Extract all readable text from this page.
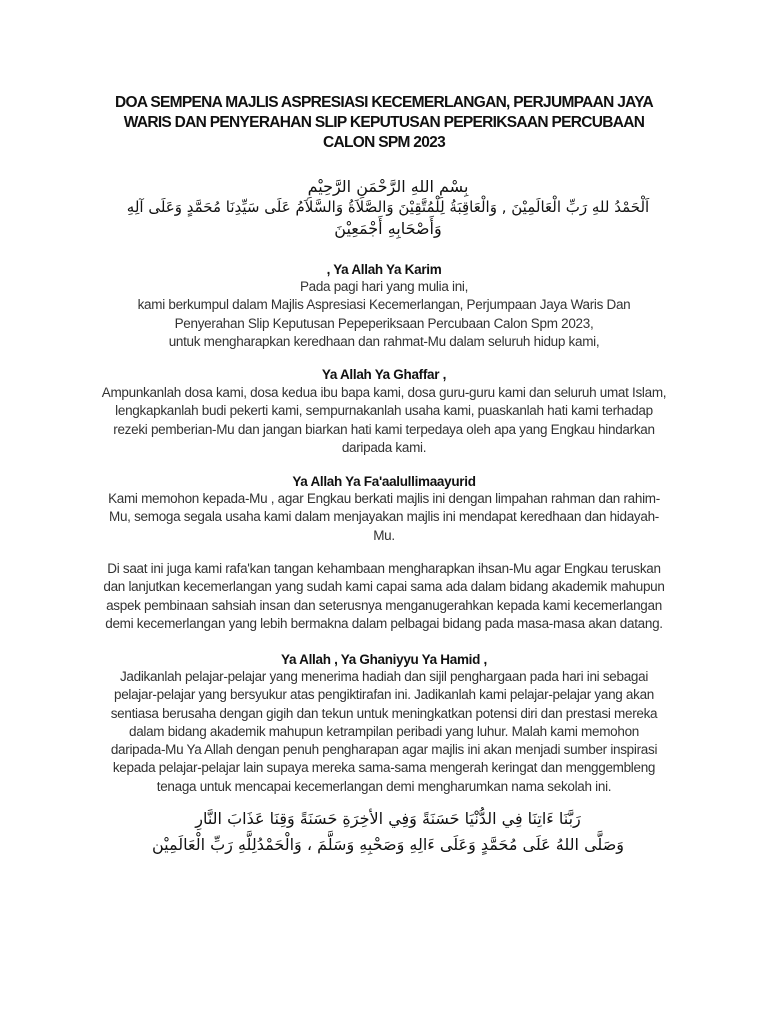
DOA SEMPENA MAJLIS ASPRESIASI KECEMERLANGAN, PERJUMPAAN JAYA
WARIS DAN PENYERAHAN SLIP KEPUTUSAN PEPERIKSAAN PERCUBAAN
CALON SPM 2023
بِسْمِ اللهِ الرَّحْمَنِ الرَّحِيْمِ
اَلْحَمْدُ للهِ رَبِّ الْعَالَمِيْنَ , وَالْعَاقِبَةُ لِلْمُتَّقِيْنَ وَالصَّلاَةُ وَالسَّلاَمُ عَلَى سَيِّدِنَا مُحَمَّدٍ وَعَلَى آلِهِ
وَأَصْحَابِهِ أَجْمَعِيْنَ
, Ya Allah Ya Karim
Pada pagi hari yang mulia ini,
kami berkumpul dalam Majlis Aspresiasi Kecemerlangan, Perjumpaan Jaya Waris Dan
Penyerahan Slip Keputusan Pepeperiksaan Percubaan Calon Spm 2023,
untuk mengharapkan keredhaan dan rahmat-Mu dalam seluruh hidup kami,
Ya Allah Ya Ghaffar ,
Ampunkanlah dosa kami, dosa kedua ibu bapa kami, dosa guru-guru kami dan seluruh umat Islam,
lengkapkanlah budi pekerti kami, sempurnakanlah usaha kami, puaskanlah hati kami terhadap
rezeki pemberian-Mu dan jangan biarkan hati kami terpedaya oleh apa yang Engkau hindarkan
daripada kami.
Ya Allah Ya Fa'aalullimaayurid
Kami memohon kepada-Mu , agar Engkau berkati majlis ini dengan limpahan rahman dan rahim-
Mu, semoga segala usaha kami dalam menjayakan majlis ini mendapat keredhaan dan hidayah-
Mu.
Di saat ini juga kami rafa'kan tangan kehambaan mengharapkan ihsan-Mu agar Engkau teruskan
dan lanjutkan kecemerlangan yang sudah kami capai sama ada dalam bidang akademik mahupun
aspek pembinaan sahsiah insan dan seterusnya menganugerahkan kepada kami kecemerlangan
demi kecemerlangan yang lebih bermakna dalam pelbagai bidang pada masa-masa akan datang.
Ya Allah , Ya Ghaniyyu Ya Hamid ,
Jadikanlah pelajar-pelajar yang menerima hadiah dan sijil penghargaan pada hari ini sebagai
pelajar-pelajar yang bersyukur atas pengiktirafan ini. Jadikanlah kami pelajar-pelajar yang akan
sentiasa berusaha dengan gigih dan tekun untuk meningkatkan potensi diri dan prestasi mereka
dalam bidang akademik mahupun ketrampilan peribadi yang luhur. Malah kami memohon
daripada-Mu Ya Allah dengan penuh pengharapan agar majlis ini akan menjadi sumber inspirasi
kepada pelajar-pelajar lain supaya mereka sama-sama mengerah keringat dan menggembleng
tenaga untuk mencapai kecemerlangan demi mengharumkan nama sekolah ini.
رَبَّنَا ءَاتِنَا فِي الدُّنْيَا حَسَنَةً وَفِي الأخِرَةِ حَسَنَةً وَقِنَا عَذَابَ النَّارِ
وَصَلَّى اللهُ عَلَى مُحَمَّدٍ وَعَلَى ءَالِهِ وَصَحْبِهِ وَسَلَّمَ ، وَالْحَمْدُلِلَّهِ رَبِّ الْعَالَمِيْن
